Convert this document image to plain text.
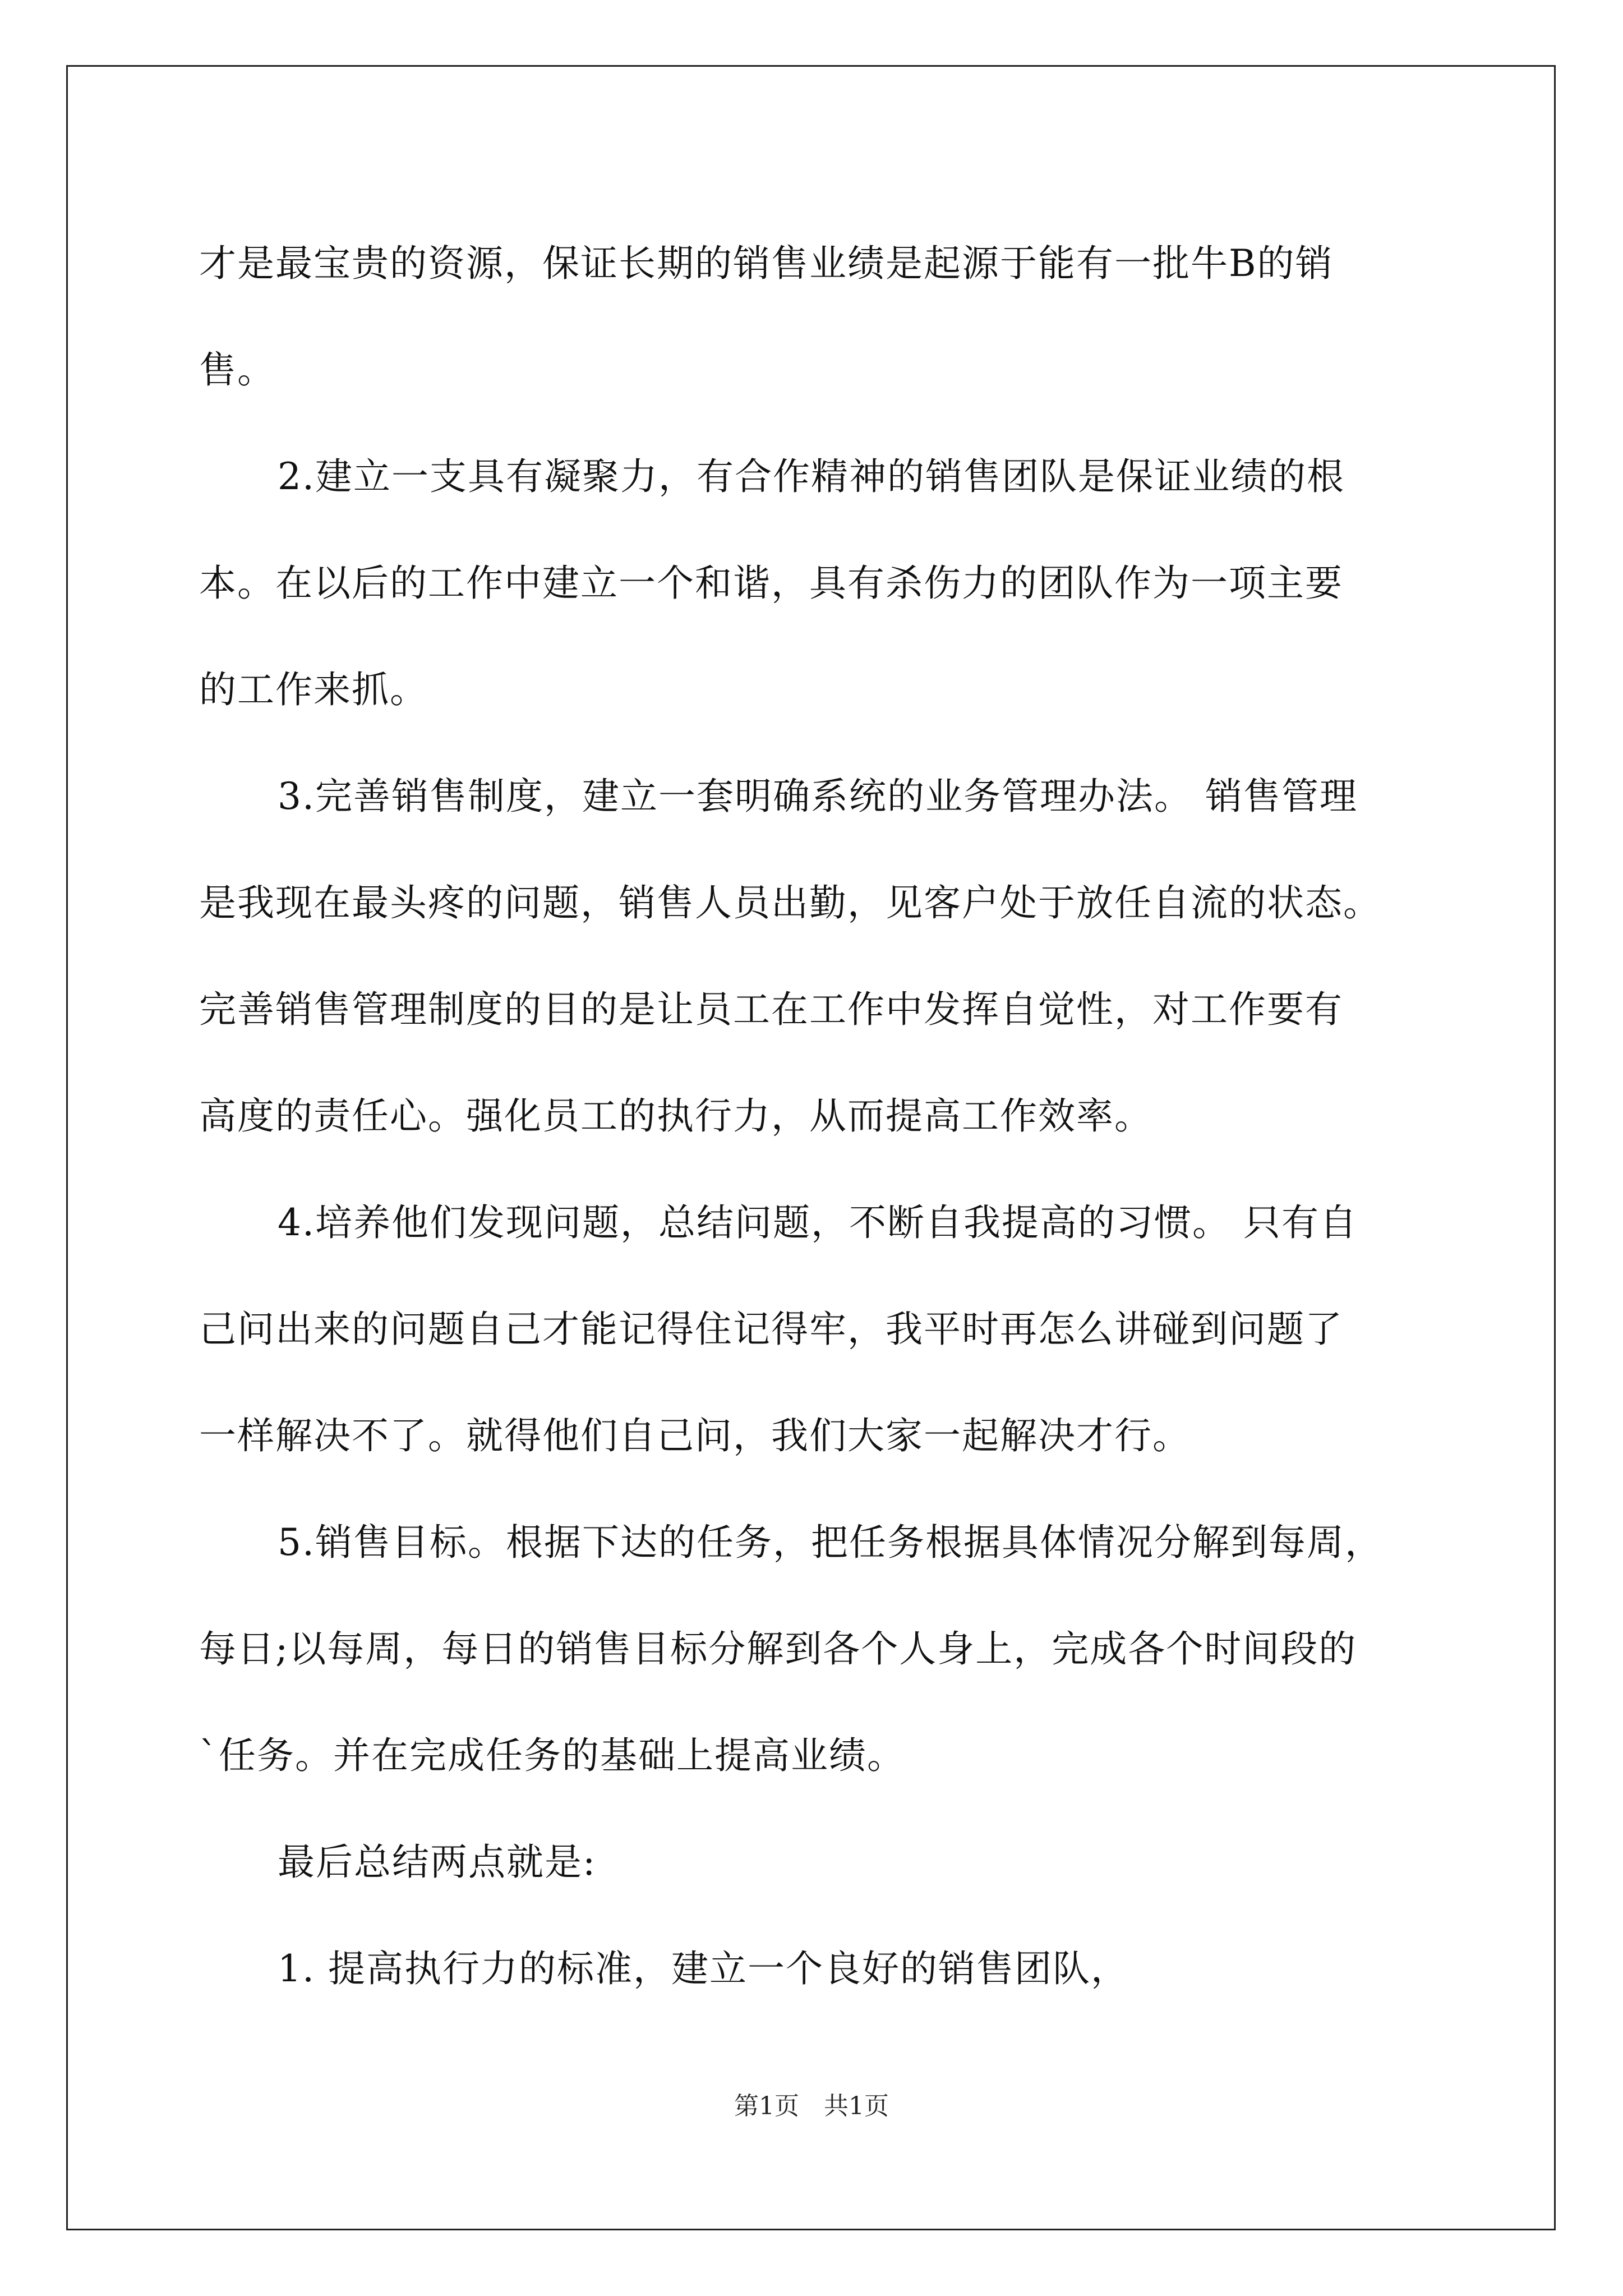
才是最宝贵的资源，保证长期的销售业绩是起源于能有一批牛B的销

售。

2.建立一支具有凝聚力，有合作精神的销售团队是保证业绩的根

本。在以后的工作中建立一个和谐，具有杀伤力的团队作为一项主要

的工作来抓。

3.完善销售制度，建立一套明确系统的业务管理办法。 销售管理

是我现在最头疼的问题，销售人员出勤，见客户处于放任自流的状态。

完善销售管理制度的目的是让员工在工作中发挥自觉性，对工作要有

高度的责任心。强化员工的执行力，从而提高工作效率。

4.培养他们发现问题，总结问题，不断自我提高的习惯。 只有自

己问出来的问题自己才能记得住记得牢，我平时再怎么讲碰到问题了

一样解决不了。就得他们自己问，我们大家一起解决才行。

5.销售目标。根据下达的任务，把任务根据具体情况分解到每周，

每日;以每周，每日的销售目标分解到各个人身上，完成各个时间段的

`任务。并在完成任务的基础上提高业绩。

最后总结两点就是:

1. 提高执行力的标准，建立一个良好的销售团队，

第1页　共1页
